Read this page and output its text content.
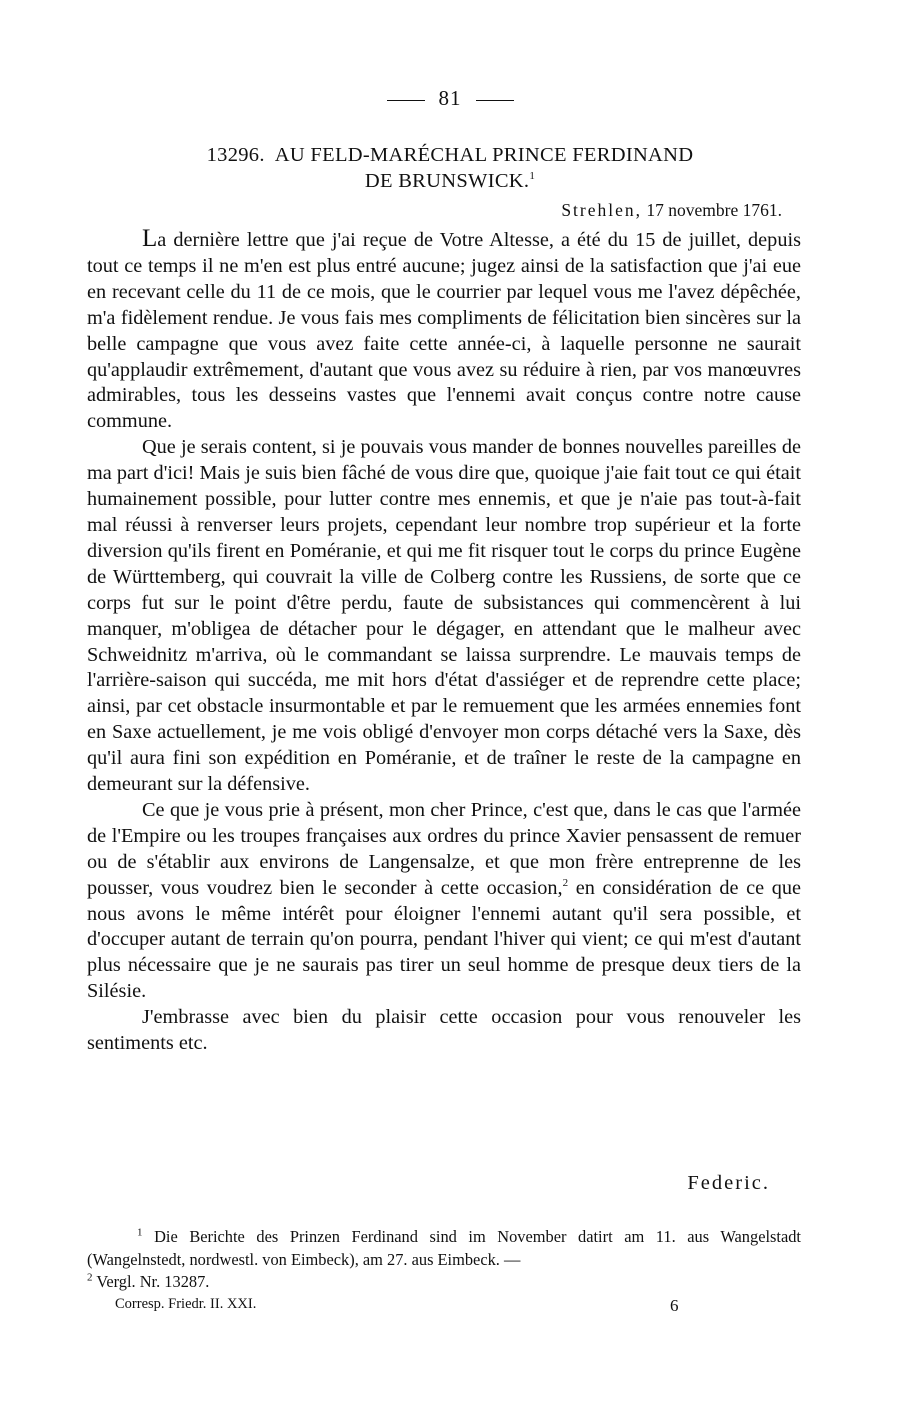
81
13296. AU FELD-MARÉCHAL PRINCE FERDINAND
DE BRUNSWICK.$^1$
Strehlen, 17 novembre 1761.

La dernière lettre que j'ai reçue de Votre Altesse, a été du 15 de juillet, depuis tout ce temps il ne m'en est plus entré aucune; jugez ainsi de la satisfaction que j'ai eue en recevant celle du 11 de ce mois, que le courrier par lequel vous me l'avez dépêchée, m'a fidèlement rendue. Je vous fais mes compliments de félicitation bien sincères sur la belle campagne que vous avez faite cette année-ci, à laquelle personne ne saurait qu'applaudir extrêmement, d'autant que vous avez su réduire à rien, par vos manœuvres admirables, tous les desseins vastes que l'ennemi avait conçus contre notre cause commune.

Que je serais content, si je pouvais vous mander de bonnes nouvelles pareilles de ma part d'ici! Mais je suis bien fâché de vous dire que, quoique j'aie fait tout ce qui était humainement possible, pour lutter contre mes ennemis, et que je n'aie pas tout-à-fait mal réussi à renverser leurs projets, cependant leur nombre trop supérieur et la forte diversion qu'ils firent en Poméranie, et qui me fit risquer tout le corps du prince Eugène de Württemberg, qui couvrait la ville de Colberg contre les Russiens, de sorte que ce corps fut sur le point d'être perdu, faute de subsistances qui commencèrent à lui manquer, m'obligea de détacher pour le dégager, en attendant que le malheur avec Schweidnitz m'arriva, où le commandant se laissa surprendre. Le mauvais temps de l'arrière-saison qui succéda, me mit hors d'état d'assiéger et de reprendre cette place; ainsi, par cet obstacle insurmontable et par le remuement que les armées ennemies font en Saxe actuellement, je me vois obligé d'envoyer mon corps détaché vers la Saxe, dès qu'il aura fini son expédition en Poméranie, et de traîner le reste de la campagne en demeurant sur la défensive.

Ce que je vous prie à présent, mon cher Prince, c'est que, dans le cas que l'armée de l'Empire ou les troupes françaises aux ordres du prince Xavier pensassent de remuer ou de s'établir aux environs de Langensalze, et que mon frère entreprenne de les pousser, vous voudrez bien le seconder à cette occasion,$^2$ en considération de ce que nous avons le même intérêt pour éloigner l'ennemi autant qu'il sera possible, et d'occuper autant de terrain qu'on pourra, pendant l'hiver qui vient; ce qui m'est d'autant plus nécessaire que je ne saurais pas tirer un seul homme de presque deux tiers de la Silésie.

J'embrasse avec bien du plaisir cette occasion pour vous renouveler les sentiments etc.

Federic.

$^1$ Die Berichte des Prinzen Ferdinand sind im November datirt am 11. aus Wangelstadt (Wangelnstedt, nordwestl. von Eimbeck), am 27. aus Eimbeck. —

$^2$ Vergl. Nr. 13287.

Corresp. Friedr. II. XXI.	6
